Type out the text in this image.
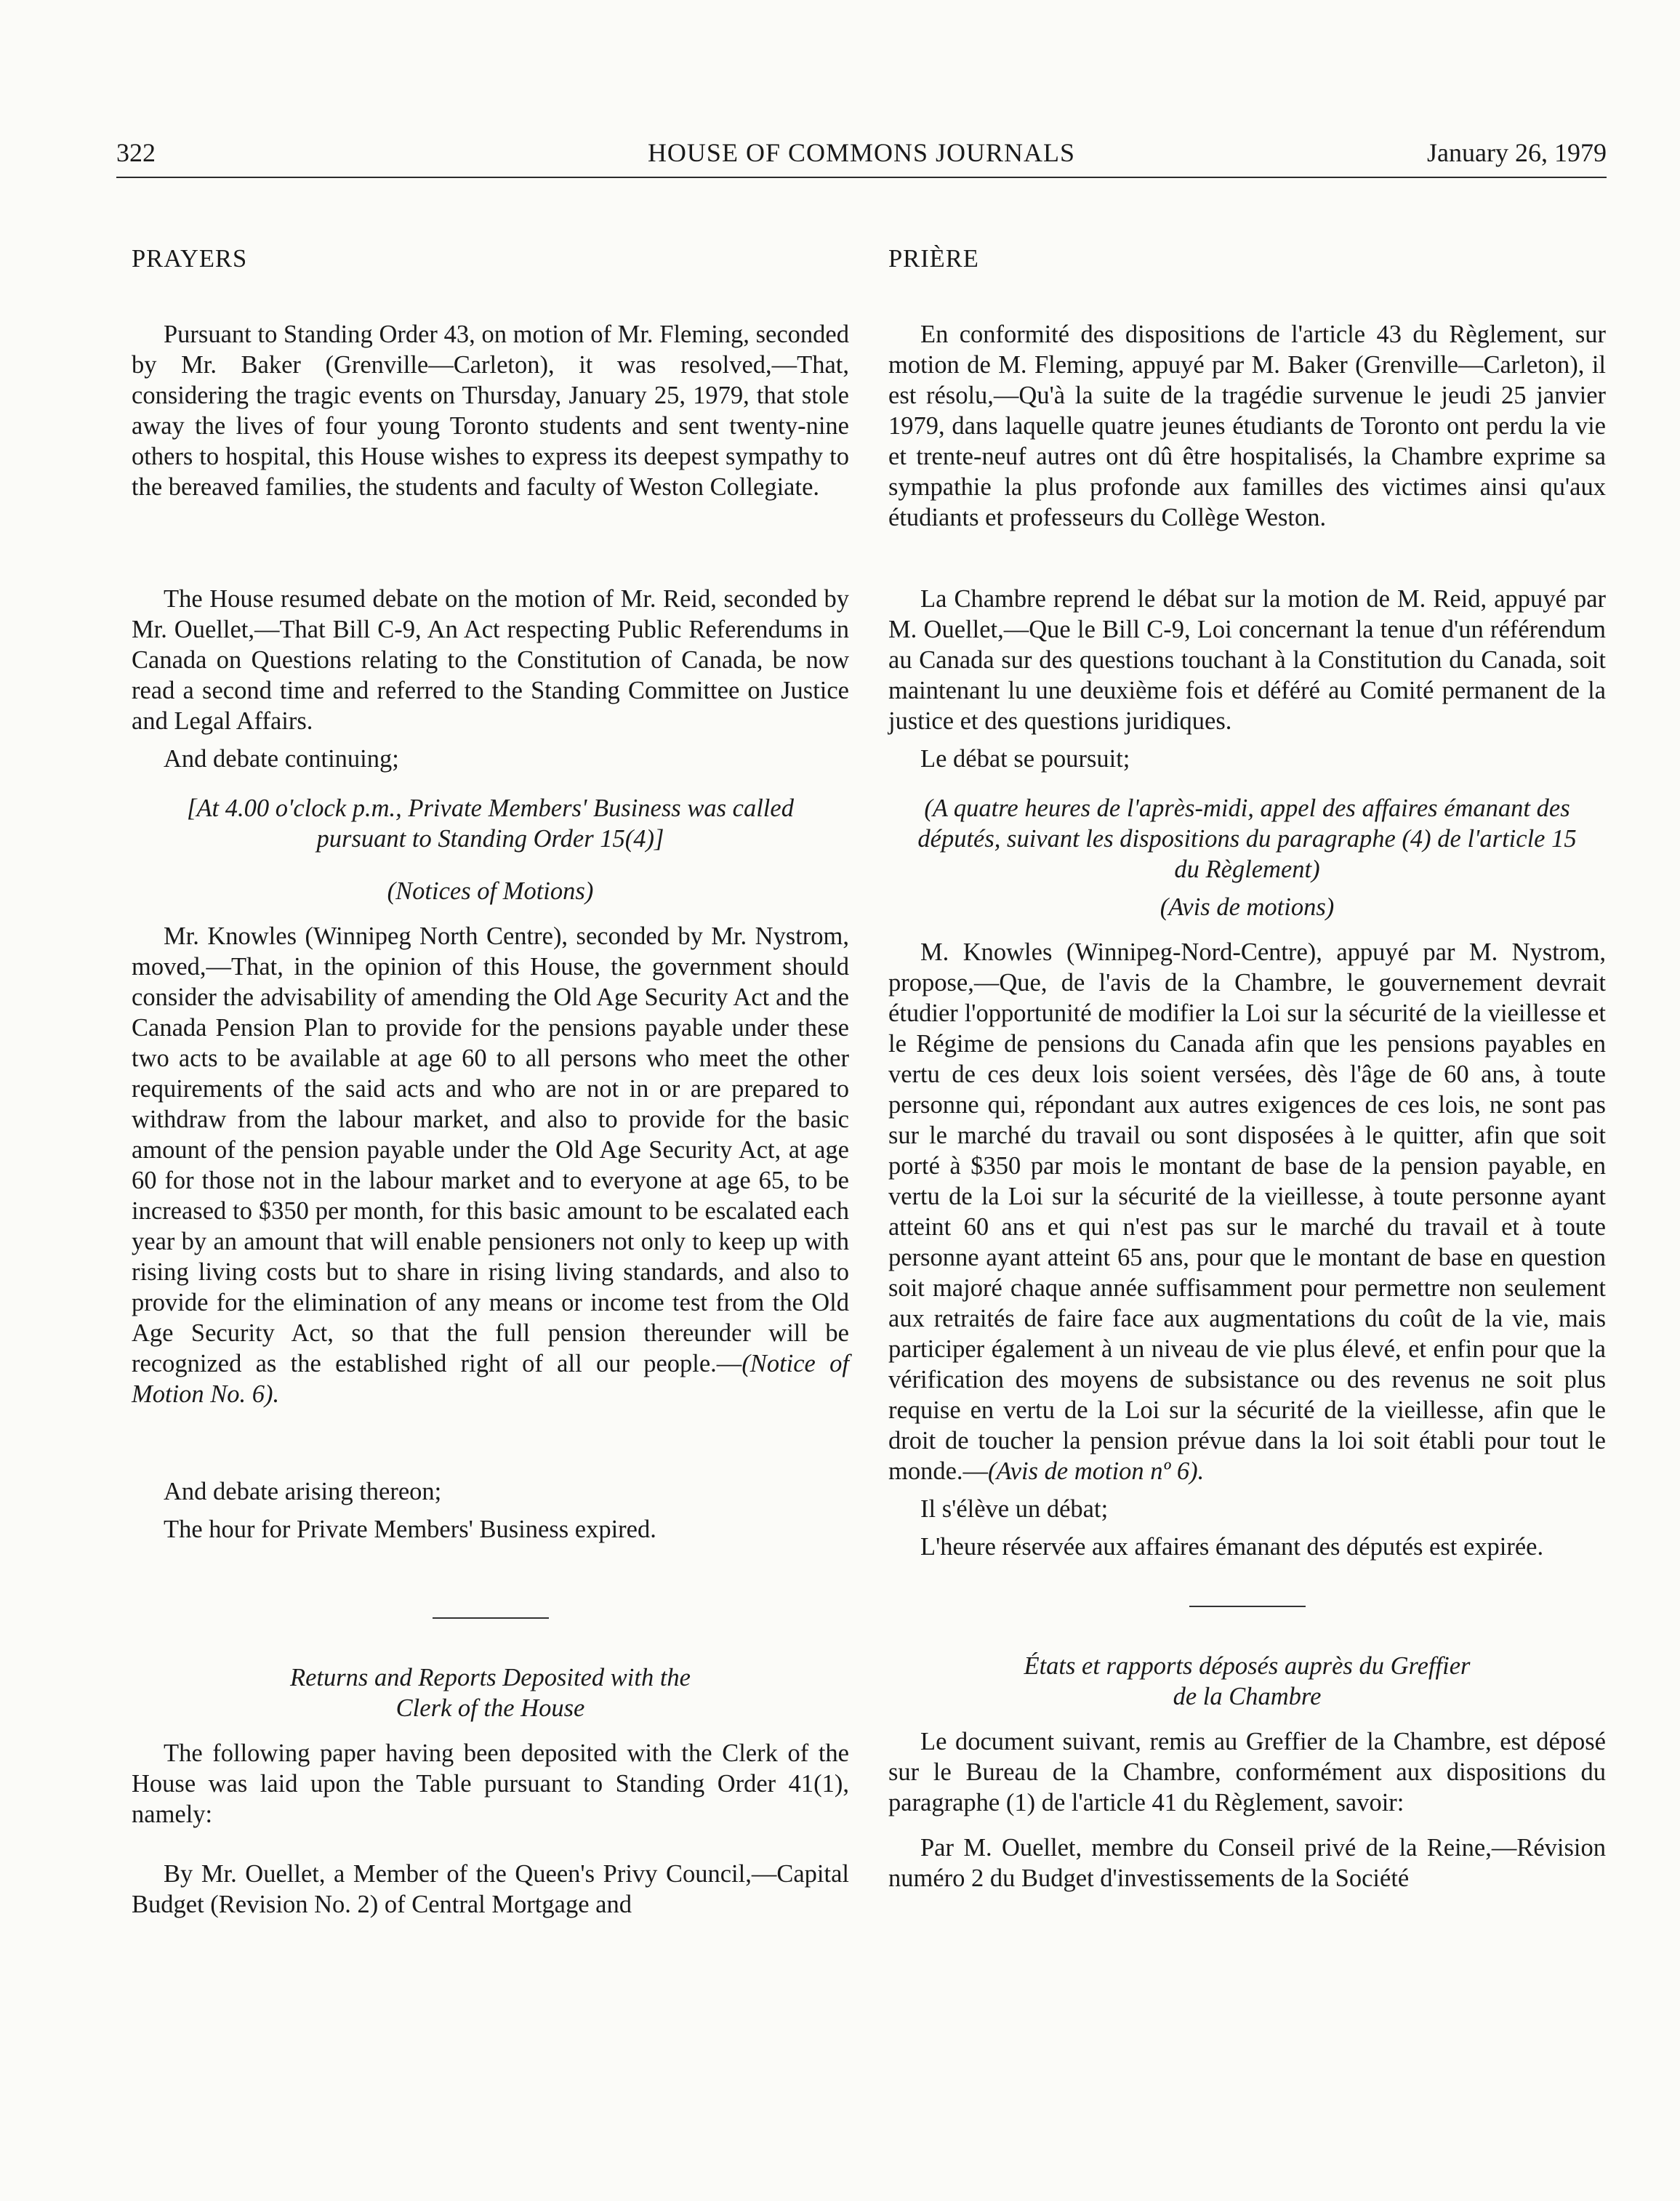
322	HOUSE OF COMMONS JOURNALS	January 26, 1979

PRAYERS

Pursuant to Standing Order 43, on motion of Mr. Fleming, seconded by Mr. Baker (Grenville—Carleton), it was resolved,—That, considering the tragic events on Thursday, January 25, 1979, that stole away the lives of four young Toronto students and sent twenty-nine others to hospital, this House wishes to express its deepest sympathy to the bereaved families, the students and faculty of Weston Collegiate.

The House resumed debate on the motion of Mr. Reid, seconded by Mr. Ouellet,—That Bill C-9, An Act respecting Public Referendums in Canada on Questions relating to the Constitution of Canada, be now read a second time and referred to the Standing Committee on Justice and Legal Affairs.

And debate continuing;

[At 4.00 o'clock p.m., Private Members' Business was called pursuant to Standing Order 15(4)]

(Notices of Motions)

Mr. Knowles (Winnipeg North Centre), seconded by Mr. Nystrom, moved,—That, in the opinion of this House, the government should consider the advisability of amending the Old Age Security Act and the Canada Pension Plan to provide for the pensions payable under these two acts to be available at age 60 to all persons who meet the other requirements of the said acts and who are not in or are prepared to withdraw from the labour market, and also to provide for the basic amount of the pension payable under the Old Age Security Act, at age 60 for those not in the labour market and to everyone at age 65, to be increased to $350 per month, for this basic amount to be escalated each year by an amount that will enable pensioners not only to keep up with rising living costs but to share in rising living standards, and also to provide for the elimination of any means or income test from the Old Age Security Act, so that the full pension thereunder will be recognized as the established right of all our people.—(Notice of Motion No. 6).

And debate arising thereon;

The hour for Private Members' Business expired.

Returns and Reports Deposited with the

Clerk of the House

The following paper having been deposited with the Clerk of the House was laid upon the Table pursuant to Standing Order 41(1), namely:

By Mr. Ouellet, a Member of the Queen's Privy Council,—Capital Budget (Revision No. 2) of Central Mortgage and

PRIÈRE

En conformité des dispositions de l'article 43 du Règlement, sur motion de M. Fleming, appuyé par M. Baker (Grenville—Carleton), il est résolu,—Qu'à la suite de la tragédie survenue le jeudi 25 janvier 1979, dans laquelle quatre jeunes étudiants de Toronto ont perdu la vie et trente-neuf autres ont dû être hospitalisés, la Chambre exprime sa sympathie la plus profonde aux familles des victimes ainsi qu'aux étudiants et professeurs du Collège Weston.

La Chambre reprend le débat sur la motion de M. Reid, appuyé par M. Ouellet,—Que le Bill C-9, Loi concernant la tenue d'un référendum au Canada sur des questions touchant à la Constitution du Canada, soit maintenant lu une deuxième fois et déféré au Comité permanent de la justice et des questions juridiques.

Le débat se poursuit;

(A quatre heures de l'après-midi, appel des affaires émanant des députés, suivant les dispositions du paragraphe (4) de l'article 15 du Règlement)

(Avis de motions)

M. Knowles (Winnipeg-Nord-Centre), appuyé par M. Nystrom, propose,—Que, de l'avis de la Chambre, le gouvernement devrait étudier l'opportunité de modifier la Loi sur la sécurité de la vieillesse et le Régime de pensions du Canada afin que les pensions payables en vertu de ces deux lois soient versées, dès l'âge de 60 ans, à toute personne qui, répondant aux autres exigences de ces lois, ne sont pas sur le marché du travail ou sont disposées à le quitter, afin que soit porté à $350 par mois le montant de base de la pension payable, en vertu de la Loi sur la sécurité de la vieillesse, à toute personne ayant atteint 60 ans et qui n'est pas sur le marché du travail et à toute personne ayant atteint 65 ans, pour que le montant de base en question soit majoré chaque année suffisamment pour permettre non seulement aux retraités de faire face aux augmentations du coût de la vie, mais participer également à un niveau de vie plus élevé, et enfin pour que la vérification des moyens de subsistance ou des revenus ne soit plus requise en vertu de la Loi sur la sécurité de la vieillesse, afin que le droit de toucher la pension prévue dans la loi soit établi pour tout le monde.—(Avis de motion nº 6).

Il s'élève un débat;

L'heure réservée aux affaires émanant des députés est expirée.

États et rapports déposés auprès du Greffier

de la Chambre

Le document suivant, remis au Greffier de la Chambre, est déposé sur le Bureau de la Chambre, conformément aux dispositions du paragraphe (1) de l'article 41 du Règlement, savoir:

Par M. Ouellet, membre du Conseil privé de la Reine,—Révision numéro 2 du Budget d'investissements de la Société
